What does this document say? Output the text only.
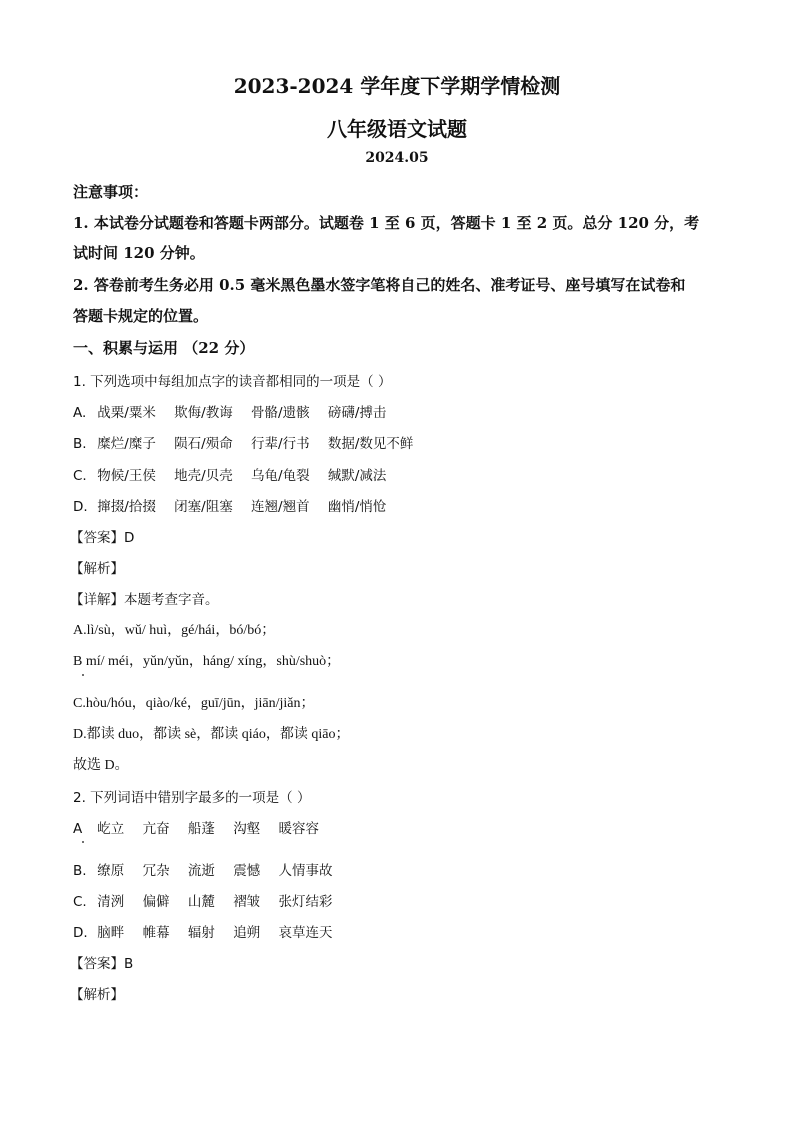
2023-2024 学年度下学期学情检测
八年级语文试题
2024.05
注意事项：
1. 本试卷分试题卷和答题卡两部分。试题卷 1 至 6 页，答题卡 1 至 2 页。总分 120 分，考
试时间 120 分钟。
2. 答卷前考生务必用 0.5 毫米黑色墨水签字笔将自己的姓名、准考证号、座号填写在试卷和
答题卡规定的位置。
一、积累与运用 （22 分）
1. 下列选项中每组加点字的读音都相同的一项是（ ）
A. 战栗/粟米 欺侮/教诲 骨骼/遗骸 磅礴/搏击
B. 糜烂/糜子 陨石/殒命 行辈/行书 数据/数见不鲜
C. 物候/王侯 地壳/贝壳 乌龟/龟裂 缄默/减法
D. 撺掇/拾掇 闭塞/阻塞 连翘/翘首 幽悄/悄怆
【答案】D
【解析】
【详解】本题考查字音。
A.lì/sù，wǔ/ huì，gé/hái，bó/bó；
B mí/ méi，yǔn/yǔn，háng/ xíng，shù/shuò；
C.hòu/hóu，qiào/ké，guī/jūn，jiān/jiǎn；
D.都读 duo，都读 sè，都读 qiáo，都读 qiāo；
故选 D。
2. 下列词语中错别字最多的一项是（ ）
A 屹立 亢奋 船蓬 沟壑 暖容容
B. 缭原 冗杂 流逝 震憾 人情事故
C. 清洌 偏僻 山麓 褶皱 张灯结彩
D. 脑畔 帷幕 辐射 追朔 哀草连天
【答案】B
【解析】
